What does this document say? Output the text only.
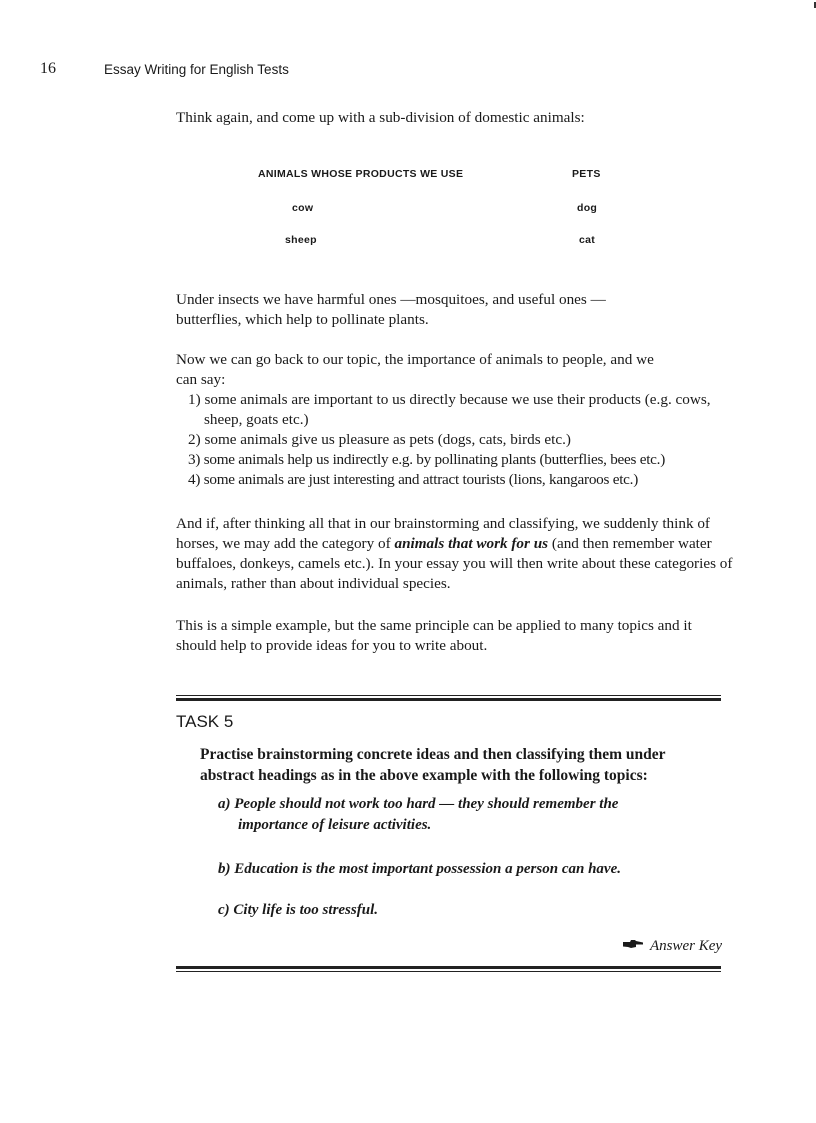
16	Essay Writing for English Tests
Think again, and come up with a sub-division of domestic animals:
ANIMALS WHOSE PRODUCTS WE USE	PETS
cow	dog
sheep	cat
Under insects we have harmful ones —mosquitoes, and useful ones —
butterflies, which help to pollinate plants.
Now we can go back to our topic, the importance of animals to people, and we
can say:
1) some animals are important to us directly because we use their products (e.g. cows, sheep, goats etc.)
2) some animals give us pleasure as pets (dogs, cats, birds etc.)
3) some animals help us indirectly e.g. by pollinating plants (butterflies, bees etc.)
4) some animals are just interesting and attract tourists (lions, kangaroos etc.)
And if, after thinking all that in our brainstorming and classifying, we suddenly think of horses, we may add the category of animals that work for us (and then remember water buffaloes, donkeys, camels etc.). In your essay you will then write about these categories of animals, rather than about individual species.
This is a simple example, but the same principle can be applied to many topics and it should help to provide ideas for you to write about.
TASK 5
Practise brainstorming concrete ideas and then classifying them under abstract headings as in the above example with the following topics:
a) People should not work too hard — they should remember the
importance of leisure activities.
b) Education is the most important possession a person can have.
c) City life is too stressful.
Answer Key
